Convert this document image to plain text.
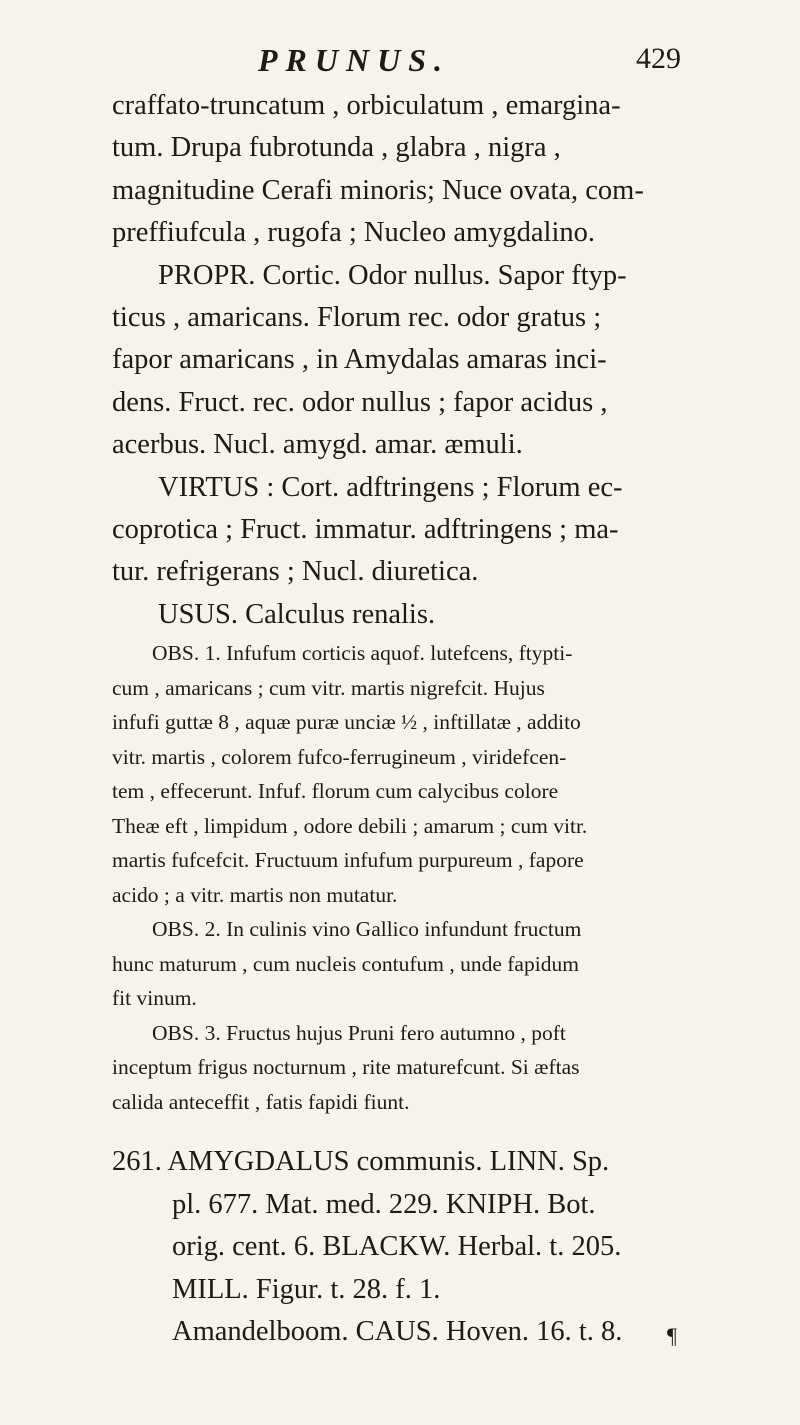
PRUNUS.	429
craffato-truncatum , orbiculatum , emargina-
tum. Drupa fubrotunda , glabra , nigra ,
magnitudine Cerafi minoris; Nuce ovata, com-
preffiufcula , rugofa ; Nucleo amygdalino.
PROPR. Cortic. Odor nullus. Sapor ftyp-
ticus , amaricans. Florum rec. odor gratus ;
fapor amaricans , in Amydalas amaras inci-
dens. Fruct. rec. odor nullus ; fapor acidus ,
acerbus. Nucl. amygd. amar. æmuli.
VIRTUS : Cort. adftringens ; Florum ec-
coprotica ; Fruct. immatur. adftringens ; ma-
tur. refrigerans ; Nucl. diuretica.
USUS. Calculus renalis.
OBS. 1. Infufum corticis aquof. lutefcens, ftypti-
cum , amaricans ; cum vitr. martis nigrefcit. Hujus
infufi guttæ 8 , aquæ puræ unciæ ½ , inftillatæ , addito
vitr. martis , colorem fufco-ferrugineum , viridefcen-
tem , effecerunt. Infuf. florum cum calycibus colore
Theæ eft , limpidum , odore debili ; amarum ; cum vitr.
martis fufcefcit. Fructuum infufum purpureum , fapore
acido ; a vitr. martis non mutatur.
OBS. 2. In culinis vino Gallico infundunt fructum
hunc maturum , cum nucleis contufum , unde fapidum
fit vinum.
OBS. 3. Fructus hujus Pruni fero autumno , poft
inceptum frigus nocturnum , rite maturefcunt. Si æftas
calida anteceffit , fatis fapidi fiunt.
261. AMYGDALUS communis. LINN. Sp.
pl. 677. Mat. med. 229. KNIPH. Bot.
orig. cent. 6. BLACKW. Herbal. t. 205.
MILL. Figur. t. 28. f. 1.
Amandelboom. CAUS. Hoven. 16. t. 8.	¶
